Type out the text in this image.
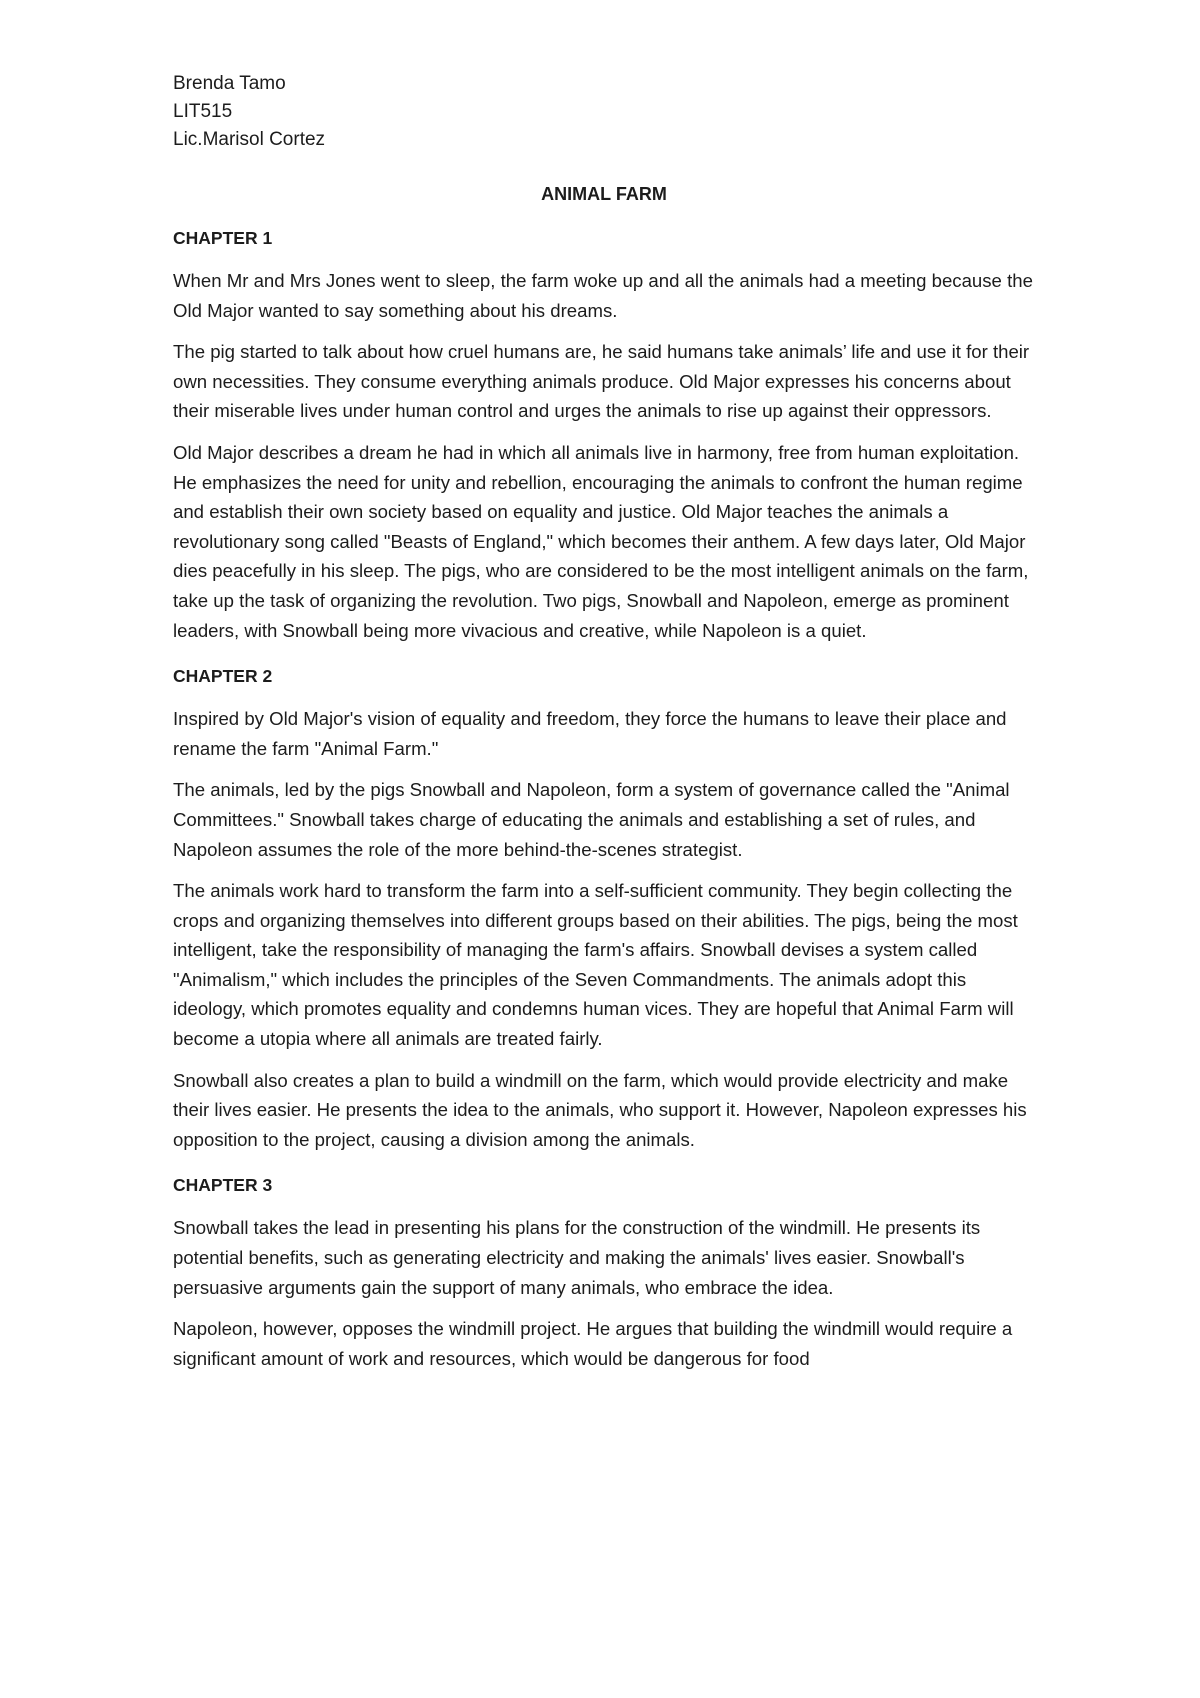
Brenda Tamo

LIT515

Lic.Marisol Cortez

ANIMAL FARM
CHAPTER 1

When Mr and Mrs Jones went to sleep, the farm woke up and all the animals had a meeting because the Old Major wanted to say something about his dreams.

The pig started to talk about how cruel humans are, he said humans take animals’ life and use it for their own necessities. They consume everything animals produce. Old Major expresses his concerns about their miserable lives under human control and urges the animals to rise up against their oppressors.

Old Major describes a dream he had in which all animals live in harmony, free from human exploitation. He emphasizes the need for unity and rebellion, encouraging the animals to confront the human regime and establish their own society based on equality and justice. Old Major teaches the animals a revolutionary song called "Beasts of England," which becomes their anthem. A few days later, Old Major dies peacefully in his sleep. The pigs, who are considered to be the most intelligent animals on the farm, take up the task of organizing the revolution. Two pigs, Snowball and Napoleon, emerge as prominent leaders, with Snowball being more vivacious and creative, while Napoleon is a quiet.

CHAPTER 2

Inspired by Old Major's vision of equality and freedom, they force the humans to leave their place and rename the farm "Animal Farm."

The animals, led by the pigs Snowball and Napoleon, form a system of governance called the "Animal Committees." Snowball takes charge of educating the animals and establishing a set of rules, and Napoleon assumes the role of the more behind-the-scenes strategist.

The animals work hard to transform the farm into a self-sufficient community. They begin collecting the crops and organizing themselves into different groups based on their abilities. The pigs, being the most intelligent, take the responsibility of managing the farm's affairs. Snowball devises a system called "Animalism," which includes the principles of the Seven Commandments. The animals adopt this ideology, which promotes equality and condemns human vices. They are hopeful that Animal Farm will become a utopia where all animals are treated fairly.

Snowball also creates a plan to build a windmill on the farm, which would provide electricity and make their lives easier. He presents the idea to the animals, who support it. However, Napoleon expresses his opposition to the project, causing a division among the animals.

CHAPTER 3

Snowball takes the lead in presenting his plans for the construction of the windmill. He presents its potential benefits, such as generating electricity and making the animals' lives easier. Snowball's persuasive arguments gain the support of many animals, who embrace the idea.

Napoleon, however, opposes the windmill project. He argues that building the windmill would require a significant amount of work and resources, which would be dangerous for food
